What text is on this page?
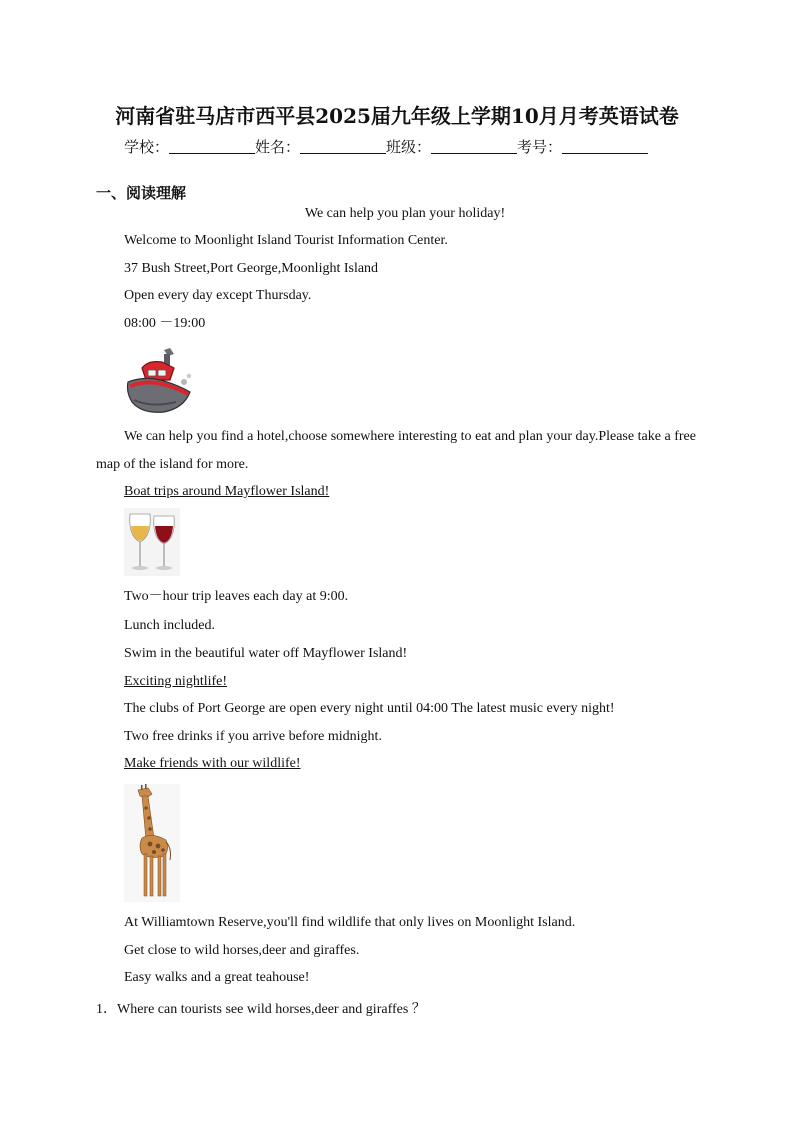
河南省驻马店市西平县2025届九年级上学期10月月考英语试卷
学校：	姓名：	班级：	考号：
一、阅读理解
We can help you plan your holiday!
Welcome to Moonlight Island Tourist Information Center.
37 Bush Street,Port George,Moonlight Island
Open every day except Thursday.
08:00 －19:00
We can help you find a hotel,choose somewhere interesting to eat and plan your day.Please take a free map of the island for more.
Boat trips around Mayflower Island!
Two－hour trip leaves each day at 9:00.
Lunch included.
Swim in the beautiful water off Mayflower Island!
Exciting nightlife!
The clubs of Port George are open every night until 04:00 The latest music every night!
Two free drinks if you arrive before midnight.
Make friends with our wildlife!
At Williamtown Reserve,you'll find wildlife that only lives on Moonlight Island.
Get close to wild horses,deer and giraffes.
Easy walks and a great teahouse!
1．Where can tourists see wild horses,deer and giraffes ？
